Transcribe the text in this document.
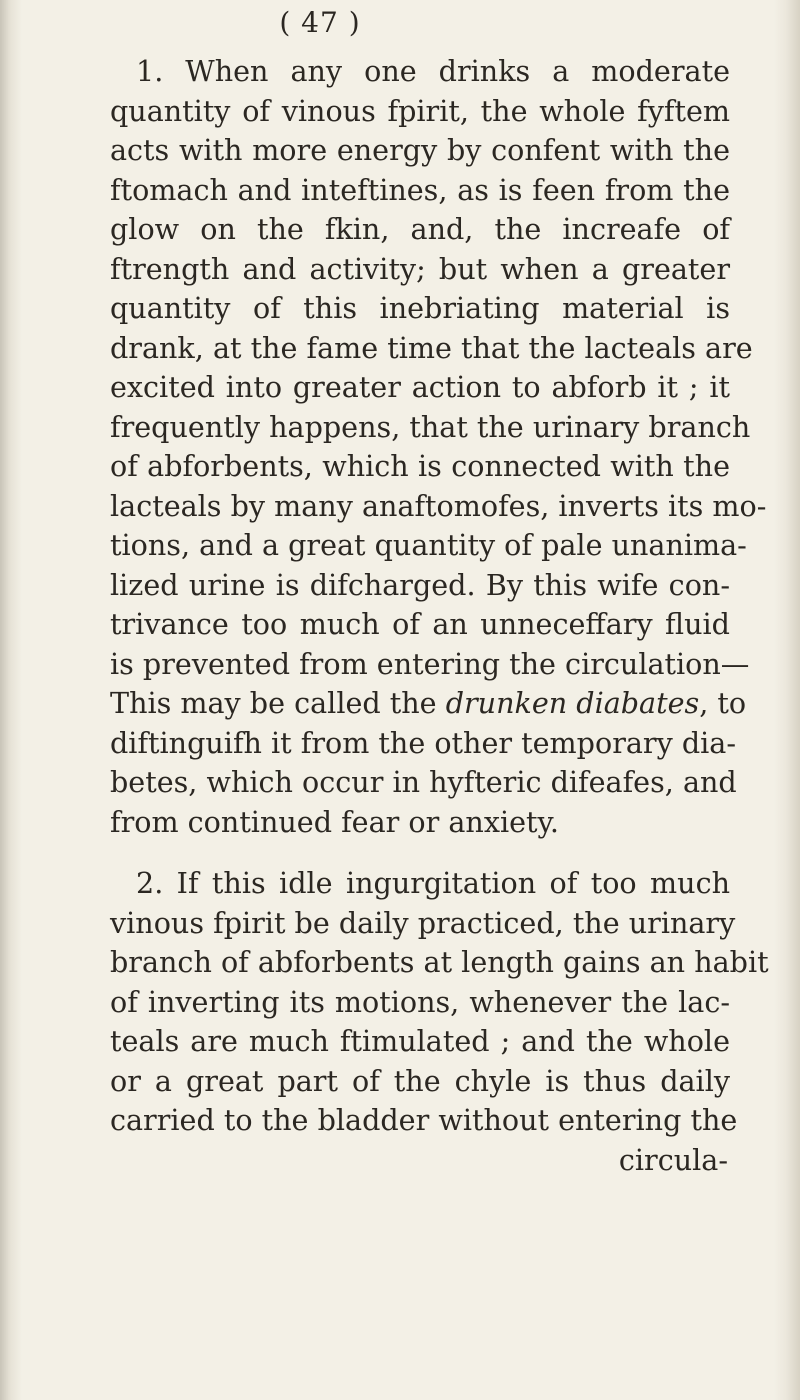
( 47 )
1. When any one drinks a moderate
quantity of vinous fpirit, the whole fyftem
acts with more energy by confent with the
ftomach and inteftines, as is feen from the
glow on the fkin, and, the increafe of
ftrength and activity; but when a greater
quantity of this inebriating material is
drank, at the fame time that the lacteals are
excited into greater action to abforb it ; it
frequently happens, that the urinary branch
of abforbents, which is connected with the
lacteals by many anaftomofes, inverts its mo-
tions, and a great quantity of pale unanima-
lized urine is difcharged. By this wife con-
trivance too much of an unneceffary fluid
is prevented from entering the circulation—
This may be called the drunken diabates, to
diftinguifh it from the other temporary dia-
betes, which occur in hyfteric difeafes, and
from continued fear or anxiety.
2. If this idle ingurgitation of too much
vinous fpirit be daily practiced, the urinary
branch of abforbents at length gains an habit
of inverting its motions, whenever the lac-
teals are much ftimulated ; and the whole
or a great part of the chyle is thus daily
carried to the bladder without entering the
circula-
